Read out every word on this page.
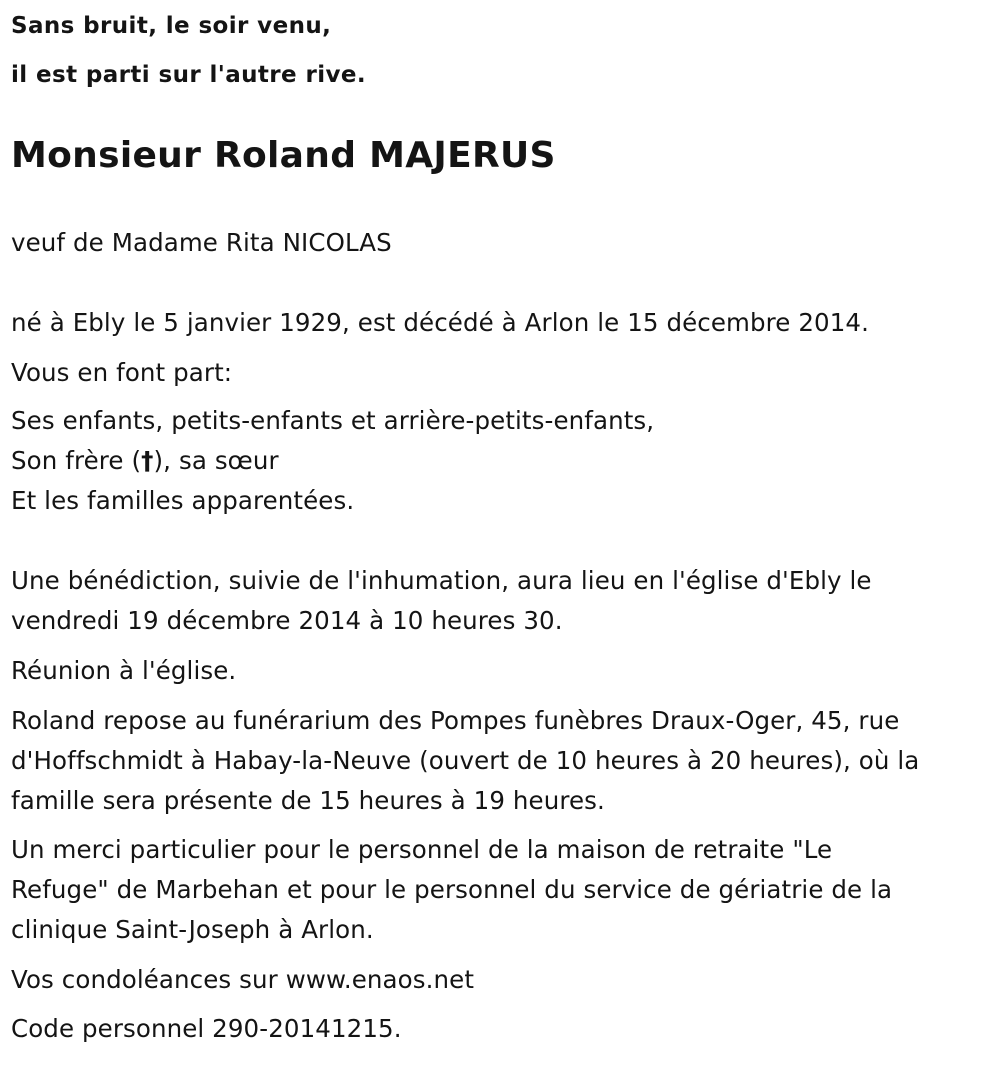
Sans bruit, le soir venu,
il est parti sur l'autre rive.
Monsieur Roland MAJERUS
veuf de Madame Rita NICOLAS
né à Ebly le 5 janvier 1929, est décédé à Arlon le 15 décembre 2014.
Vous en font part:
Ses enfants, petits-enfants et arrière-petits-enfants,
Son frère (†), sa sœur
Et les familles apparentées.
Une bénédiction, suivie de l'inhumation, aura lieu en l'église d'Ebly le
vendredi 19 décembre 2014 à 10 heures 30.
Réunion à l'église.
Roland repose au funérarium des Pompes funèbres Draux-Oger, 45, rue
d'Hoffschmidt à Habay-la-Neuve (ouvert de 10 heures à 20 heures), où la
famille sera présente de 15 heures à 19 heures.
Un merci particulier pour le personnel de la maison de retraite "Le
Refuge" de Marbehan et pour le personnel du service de gériatrie de la
clinique Saint-Joseph à Arlon.
Vos condoléances sur www.enaos.net
Code personnel 290-20141215.
